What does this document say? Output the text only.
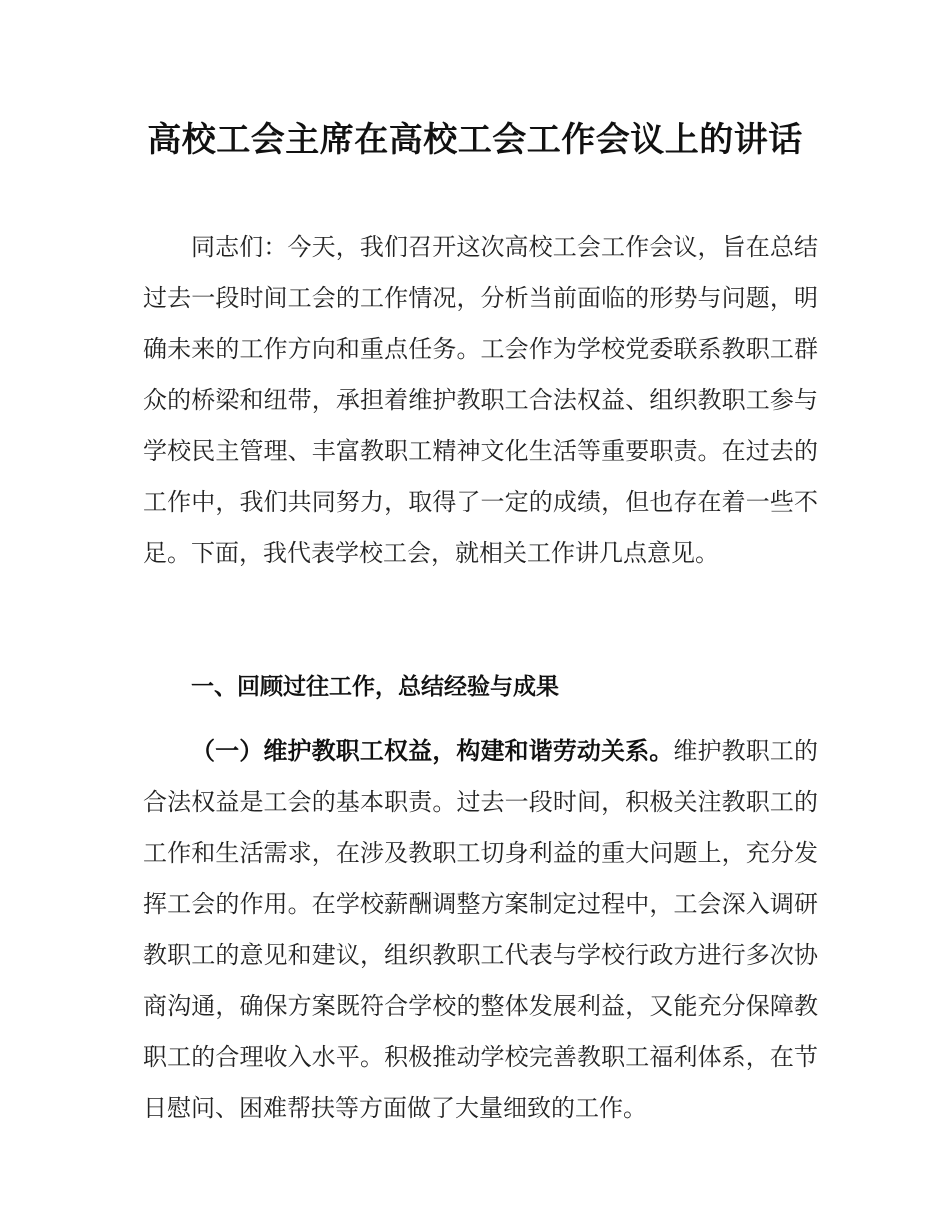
高校工会主席在高校工会工作会议上的讲话

同志们：今天，我们召开这次高校工会工作会议，旨在总结过去一段时间工会的工作情况，分析当前面临的形势与问题，明确未来的工作方向和重点任务。工会作为学校党委联系教职工群众的桥梁和纽带，承担着维护教职工合法权益、组织教职工参与学校民主管理、丰富教职工精神文化生活等重要职责。在过去的工作中，我们共同努力，取得了一定的成绩，但也存在着一些不足。下面，我代表学校工会，就相关工作讲几点意见。

一、回顾过往工作，总结经验与成果

（一）维护教职工权益，构建和谐劳动关系。维护教职工的合法权益是工会的基本职责。过去一段时间，积极关注教职工的工作和生活需求，在涉及教职工切身利益的重大问题上，充分发挥工会的作用。在学校薪酬调整方案制定过程中，工会深入调研教职工的意见和建议，组织教职工代表与学校行政方进行多次协商沟通，确保方案既符合学校的整体发展利益，又能充分保障教职工的合理收入水平。积极推动学校完善教职工福利体系，在节日慰问、困难帮扶等方面做了大量细致的工作。
